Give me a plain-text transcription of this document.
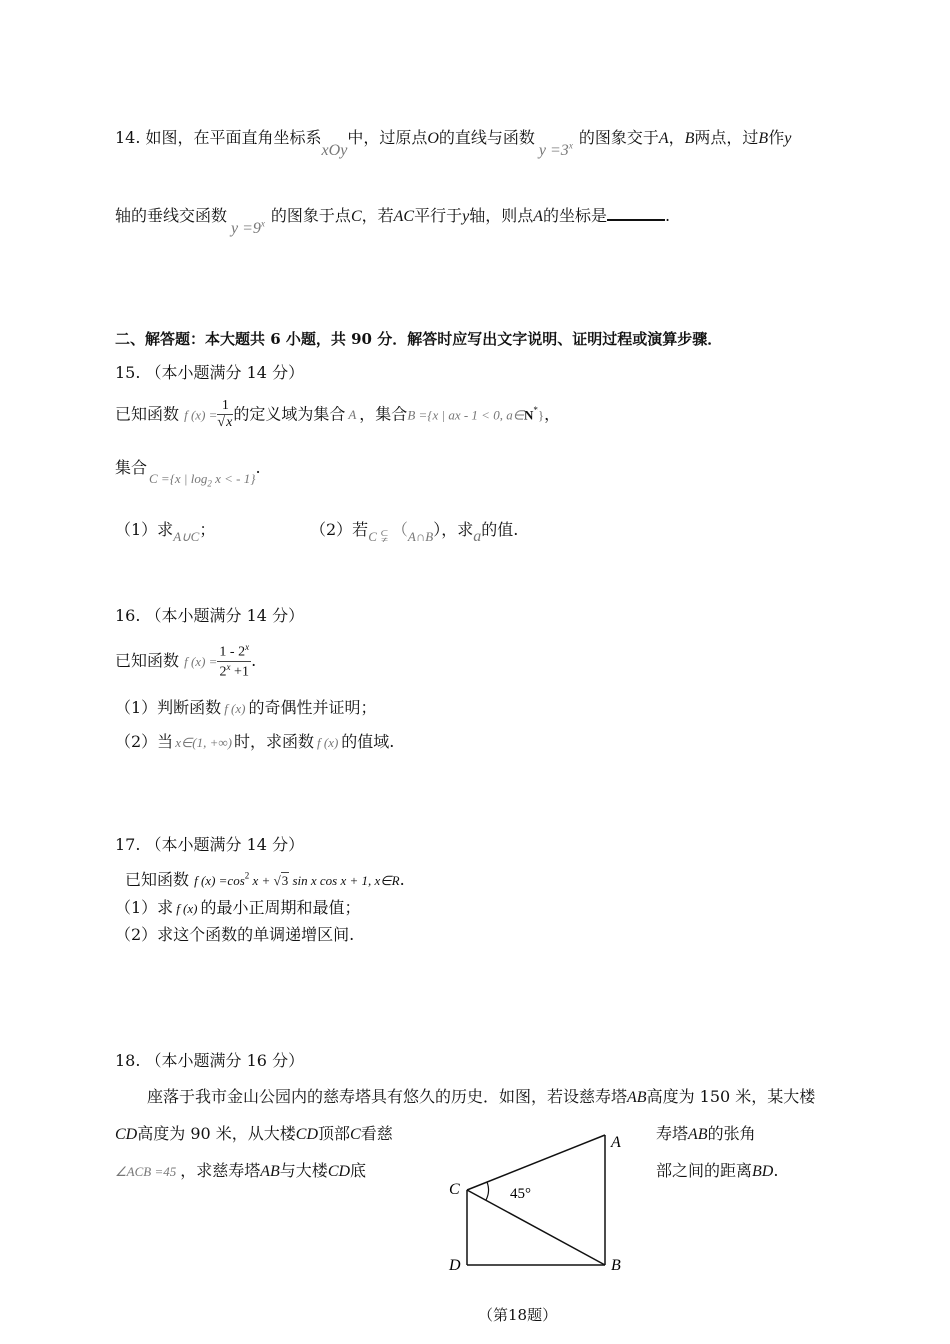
14. 如图，在平面直角坐标系xOy中，过原点O的直线与函数$y =3^x$ 的图象交于A，B两点，过B作y
轴的垂线交函数$y =9^x$ 的图象于点C，若AC平行于y轴，则点A的坐标是	.
二、解答题：本大题共 6 小题，共 90 分．解答时应写出文字说明、证明过程或演算步骤．
15. （本小题满分 14 分）
已知函数 f $(x) = \frac{1}{√x}$ 的定义域为集合 A ，集合B ={x | ax - 1 < 0, a∈N*}，
集合$_{C =\{x | log_2 x < - 1\}}$.
（1）求$_{A\cup C}$；	（2）若$_C$ ⫋ $(_{A\cap B})$，求a的值.
16. （本小题满分 14 分）
已知函数 f $(x) = \frac{1 - 2^x}{2^x +1}$ .
（1）判断函数 f (x) 的奇偶性并证明；
（2）当 x∈(1, +∞) 时，求函数 f (x) 的值域.
17. （本小题满分 14 分）
已知函数 f $(x) =\cos^2$ x + √3 sin x cos x + 1, x∈R.
（1）求 f (x) 的最小正周期和最值；
（2）求这个函数的单调递增区间.
18. （本小题满分 16 分）
座落于我市金山公园内的慈寿塔具有悠久的历史．如图，若设慈寿塔AB高度为 150 米，某大楼
CD高度为 90 米，从大楼CD顶部C看慈	寿塔AB的张角
∠ACB =45 ，求慈寿塔AB与大楼CD底	部之间的距离BD.
A
B
C
D
45°
（第18题）
